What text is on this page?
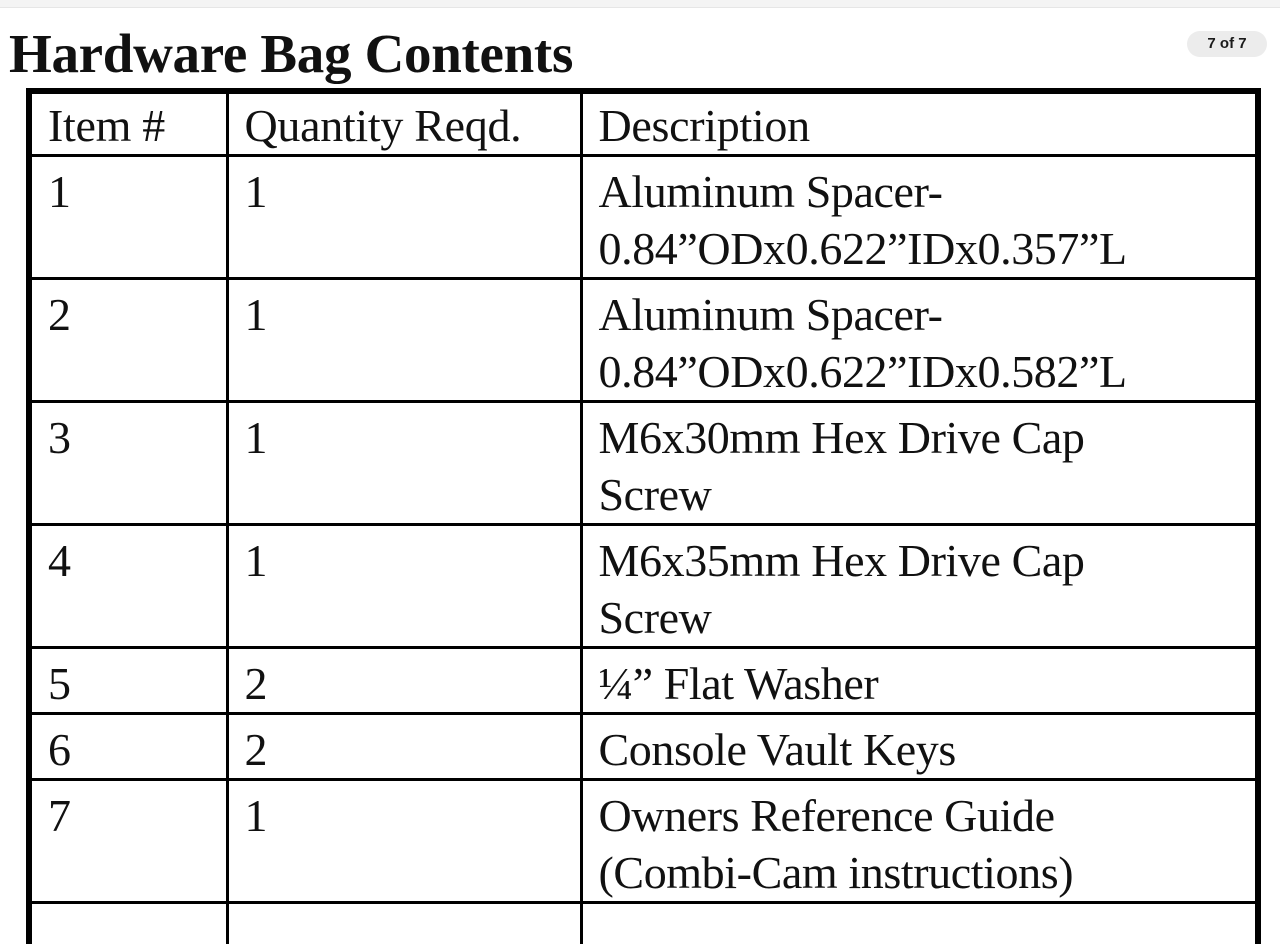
Hardware Bag Contents	7 of 7
Item #	Quantity Reqd.	Description
1	1	Aluminum Spacer-
0.84”ODx0.622”IDx0.357”L

2	1	Aluminum Spacer-
0.84”ODx0.622”IDx0.582”L

3	1	M6x30mm Hex Drive Cap
Screw

4	1	M6x35mm Hex Drive Cap
Screw

5	2	¼” Flat Washer

6	2	Console Vault Keys

7	1	Owners Reference Guide
(Combi-Cam instructions)
